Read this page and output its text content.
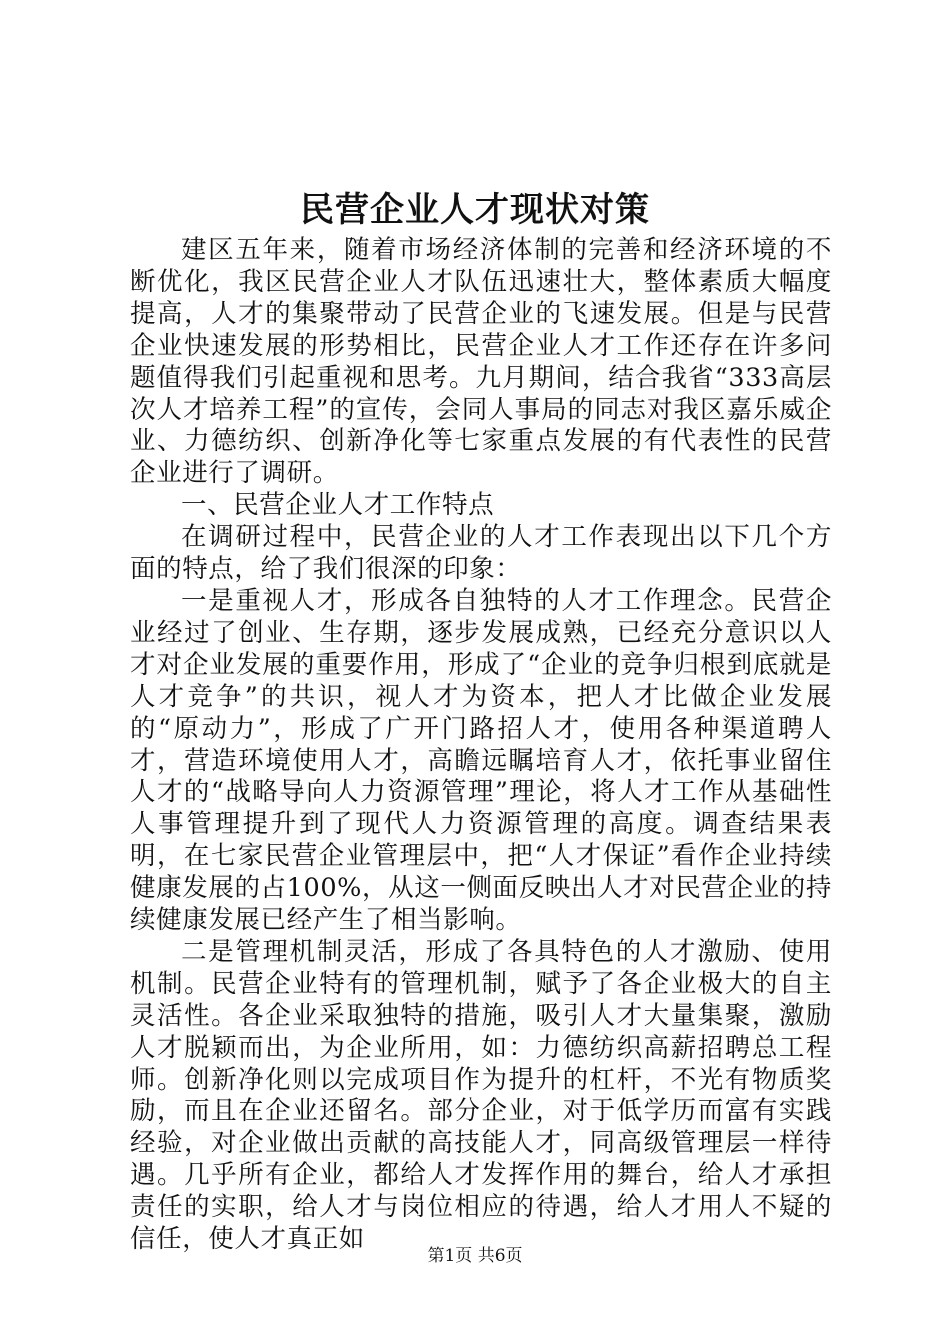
民营企业人才现状对策

建区五年来，随着市场经济体制的完善和经济环境的不断优化，我区民营企业人才队伍迅速壮大，整体素质大幅度提高，人才的集聚带动了民营企业的飞速发展。但是与民营企业快速发展的形势相比，民营企业人才工作还存在许多问题值得我们引起重视和思考。九月期间，结合我省“333高层次人才培养工程”的宣传，会同人事局的同志对我区嘉乐威企业、力德纺织、创新净化等七家重点发展的有代表性的民营企业进行了调研。

一、民营企业人才工作特点

在调研过程中，民营企业的人才工作表现出以下几个方面的特点，给了我们很深的印象：

一是重视人才，形成各自独特的人才工作理念。民营企业经过了创业、生存期，逐步发展成熟，已经充分意识以人才对企业发展的重要作用，形成了“企业的竞争归根到底就是人才竞争”的共识，视人才为资本，把人才比做企业发展的“原动力”，形成了广开门路招人才，使用各种渠道聘人才，营造环境使用人才，高瞻远瞩培育人才，依托事业留住人才的“战略导向人力资源管理”理论，将人才工作从基础性人事管理提升到了现代人力资源管理的高度。调查结果表明，在七家民营企业管理层中，把“人才保证”看作企业持续健康发展的占100%，从这一侧面反映出人才对民营企业的持续健康发展已经产生了相当影响。

二是管理机制灵活，形成了各具特色的人才激励、使用机制。民营企业特有的管理机制，赋予了各企业极大的自主灵活性。各企业采取独特的措施，吸引人才大量集聚，激励人才脱颖而出，为企业所用，如：力德纺织高薪招聘总工程师。创新净化则以完成项目作为提升的杠杆，不光有物质奖励，而且在企业还留名。部分企业，对于低学历而富有实践经验，对企业做出贡献的高技能人才，同高级管理层一样待遇。几乎所有企业，都给人才发挥作用的舞台，给人才承担责任的实职，给人才与岗位相应的待遇，给人才用人不疑的信任，使人才真正如

第1页 共6页
